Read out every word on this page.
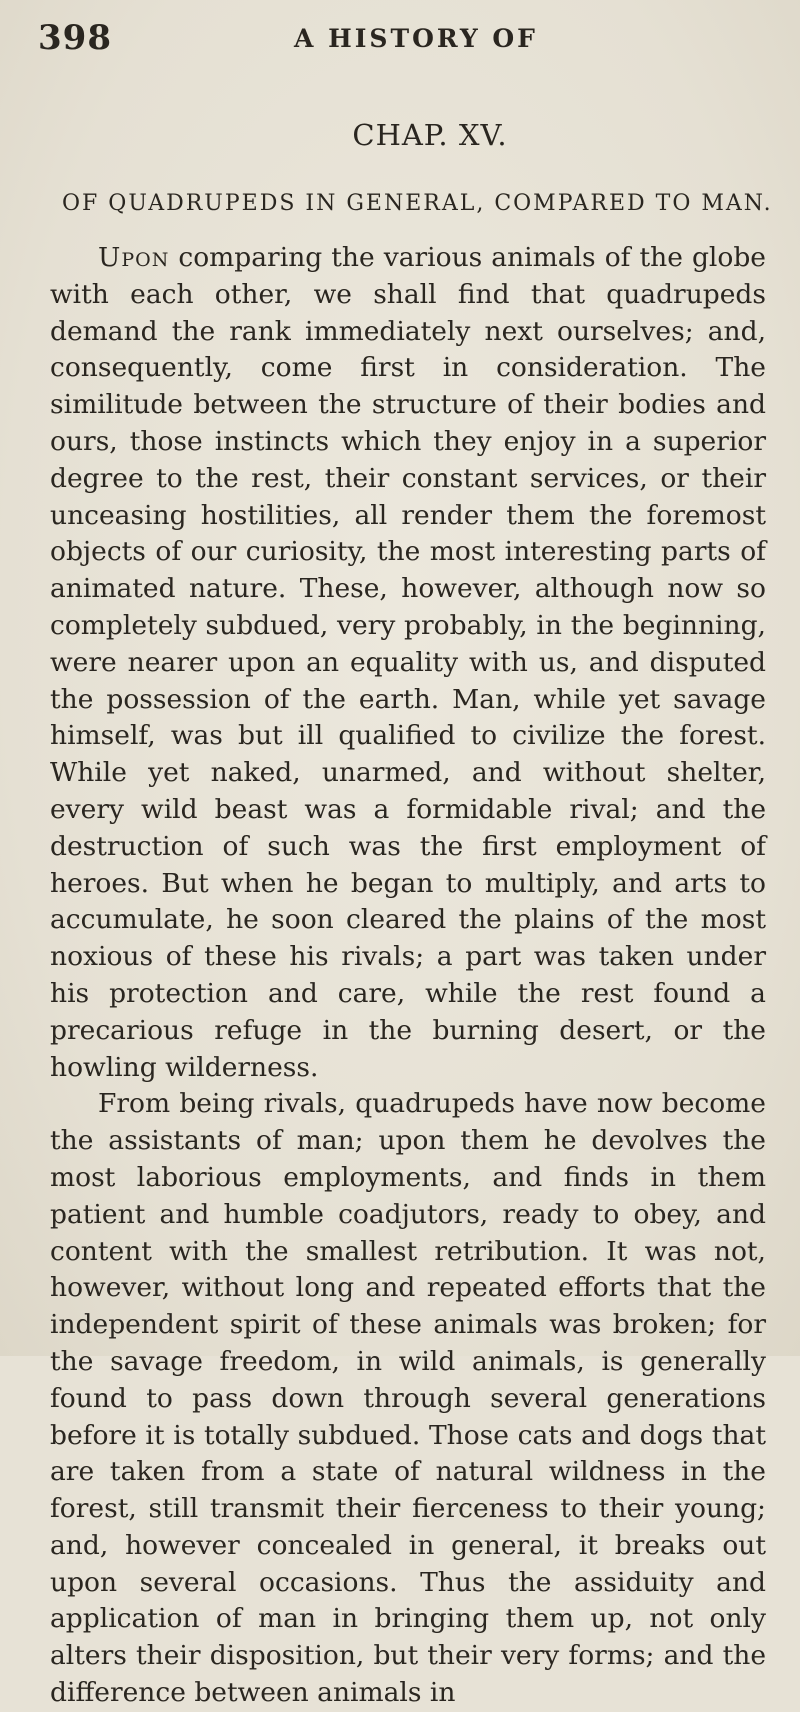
398	A HISTORY OF
CHAP. XV.
OF QUADRUPEDS IN GENERAL, COMPARED TO MAN.

Upon comparing the various animals of the globe with each other, we shall find that quadrupeds demand the rank immediately next ourselves; and, consequently, come first in consideration. The similitude between the structure of their bodies and ours, those instincts which they enjoy in a superior degree to the rest, their constant services, or their unceasing hostilities, all render them the foremost objects of our curiosity, the most interesting parts of animated nature. These, however, although now so completely subdued, very probably, in the beginning, were nearer upon an equality with us, and disputed the possession of the earth. Man, while yet savage himself, was but ill qualified to civilize the forest. While yet naked, unarmed, and without shelter, every wild beast was a formidable rival; and the destruction of such was the first employment of heroes. But when he began to multiply, and arts to accumulate, he soon cleared the plains of the most noxious of these his rivals; a part was taken under his protection and care, while the rest found a precarious refuge in the burning desert, or the howling wilderness.

From being rivals, quadrupeds have now become the assistants of man; upon them he devolves the most laborious employments, and finds in them patient and humble coadjutors, ready to obey, and content with the smallest retribution. It was not, however, without long and repeated efforts that the independent spirit of these animals was broken; for the savage freedom, in wild animals, is generally found to pass down through several generations before it is totally subdued. Those cats and dogs that are taken from a state of natural wildness in the forest, still transmit their fierceness to their young; and, however concealed in general, it breaks out upon several occasions. Thus the assiduity and application of man in bringing them up, not only alters their disposition, but their very forms; and the difference between animals in
